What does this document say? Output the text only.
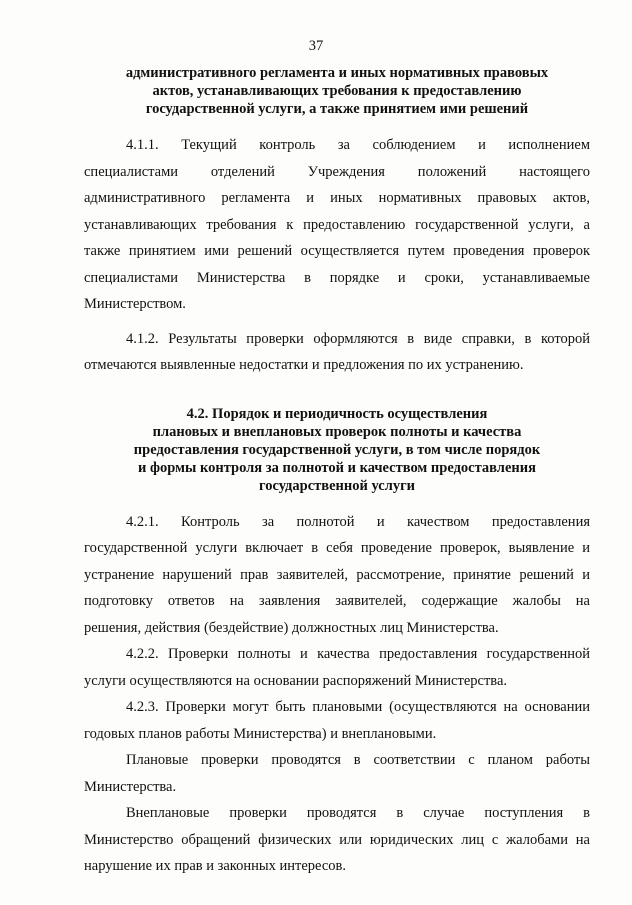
37
административного регламента и иных нормативных правовых
актов, устанавливающих требования к предоставлению
государственной услуги, а также принятием ими решений
4.1.1. Текущий контроль за соблюдением и исполнением
специалистами отделений Учреждения положений настоящего
административного регламента и иных нормативных правовых актов,
устанавливающих требования к предоставлению государственной услуги, а
также принятием ими решений осуществляется путем проведения проверок
специалистами Министерства в порядке и сроки, устанавливаемые
Министерством.
4.1.2. Результаты проверки оформляются в виде справки, в которой
отмечаются выявленные недостатки и предложения по их устранению.
4.2. Порядок и периодичность осуществления
плановых и внеплановых проверок полноты и качества
предоставления государственной услуги, в том числе порядок
и формы контроля за полнотой и качеством предоставления
государственной услуги
4.2.1. Контроль за полнотой и качеством предоставления
государственной услуги включает в себя проведение проверок, выявление и
устранение нарушений прав заявителей, рассмотрение, принятие решений и
подготовку ответов на заявления заявителей, содержащие жалобы на
решения, действия (бездействие) должностных лиц Министерства.
4.2.2. Проверки полноты и качества предоставления государственной
услуги осуществляются на основании распоряжений Министерства.
4.2.3. Проверки могут быть плановыми (осуществляются на основании
годовых планов работы Министерства) и внеплановыми.
Плановые проверки проводятся в соответствии с планом работы
Министерства.
Внеплановые проверки проводятся в случае поступления в
Министерство обращений физических или юридических лиц с жалобами на
нарушение их прав и законных интересов.
